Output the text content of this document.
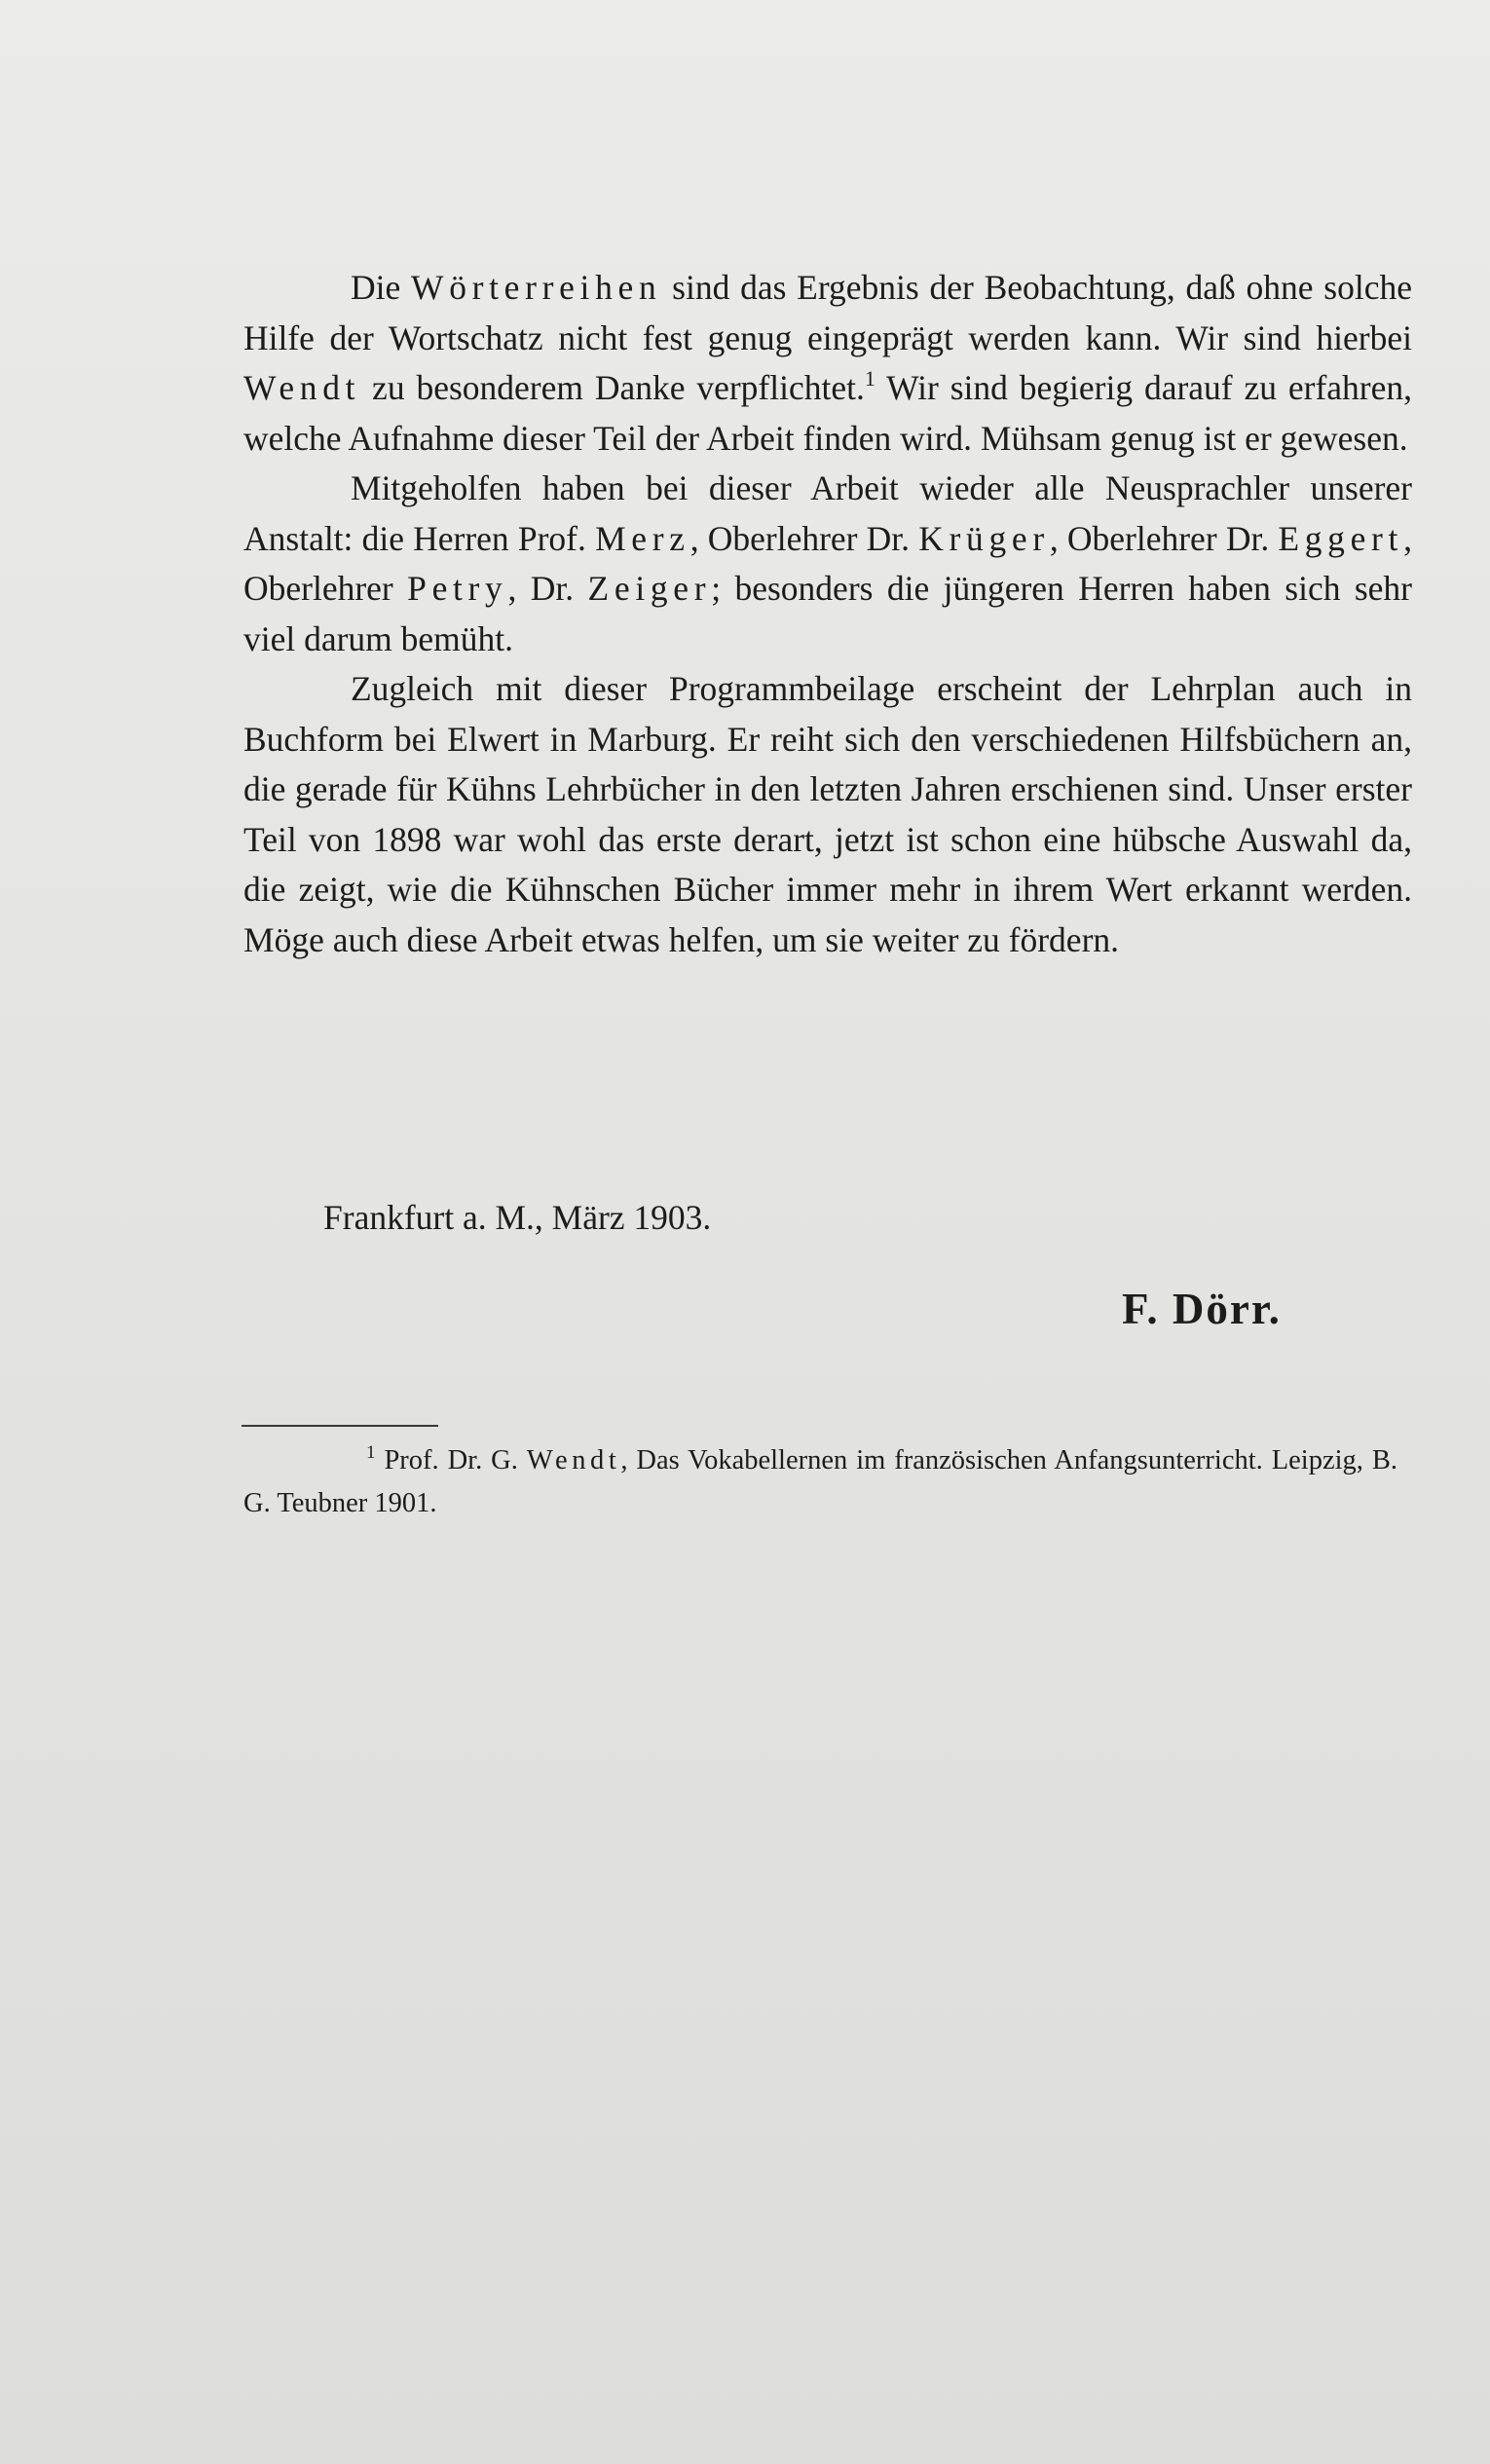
Die Wörterreihen sind das Ergebnis der Beobachtung, daß ohne solche Hilfe der Wortschatz nicht fest genug eingeprägt werden kann. Wir sind hierbei Wendt zu besonderem Danke verpflichtet.$^1$ Wir sind begierig darauf zu erfahren, welche Aufnahme dieser Teil der Arbeit finden wird. Mühsam genug ist er gewesen.

Mitgeholfen haben bei dieser Arbeit wieder alle Neusprachler unserer Anstalt: die Herren Prof. Merz, Oberlehrer Dr. Krüger, Oberlehrer Dr. Eggert, Oberlehrer Petry, Dr. Zeiger; besonders die jüngeren Herren haben sich sehr viel darum bemüht.

Zugleich mit dieser Programmbeilage erscheint der Lehrplan auch in Buchform bei Elwert in Marburg. Er reiht sich den verschiedenen Hilfsbüchern an, die gerade für Kühns Lehrbücher in den letzten Jahren erschienen sind. Unser erster Teil von 1898 war wohl das erste derart, jetzt ist schon eine hübsche Auswahl da, die zeigt, wie die Kühnschen Bücher immer mehr in ihrem Wert erkannt werden. Möge auch diese Arbeit etwas helfen, um sie weiter zu fördern.

Frankfurt a. M., März 1903.

F. Dörr.

$^1$ Prof. Dr. G. Wendt, Das Vokabellernen im französischen Anfangsunterricht. Leipzig, B. G. Teubner 1901.
